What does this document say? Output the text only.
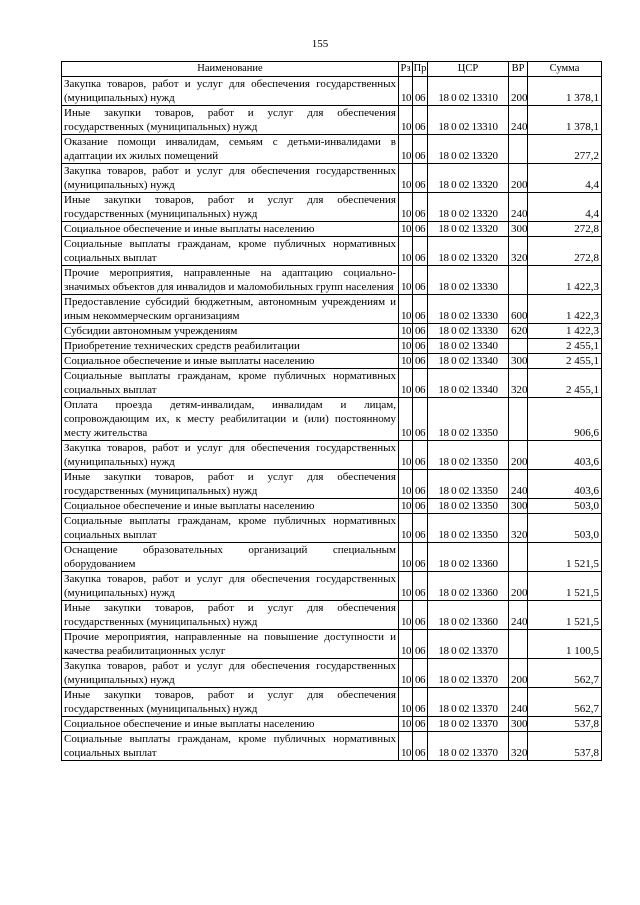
155
Наименование	Рз	Пр	ЦСР	ВР	Сумма
Закупка товаров, работ и услуг для обеспечения государственных (муниципальных) нужд	10	06	18 0 02 13310	200	1 378,1
Иные закупки товаров, работ и услуг для обеспечения государственных (муниципальных) нужд	10	06	18 0 02 13310	240	1 378,1
Оказание помощи инвалидам, семьям с детьми-инвалидами в адаптации их жилых помещений	10	06	18 0 02 13320		277,2
Закупка товаров, работ и услуг для обеспечения государственных (муниципальных) нужд	10	06	18 0 02 13320	200	4,4
Иные закупки товаров, работ и услуг для обеспечения государственных (муниципальных) нужд	10	06	18 0 02 13320	240	4,4
Социальное обеспечение и иные выплаты населению	10	06	18 0 02 13320	300	272,8
Социальные выплаты гражданам, кроме публичных нормативных социальных выплат	10	06	18 0 02 13320	320	272,8
Прочие мероприятия, направленные на адаптацию социально-значимых объектов для инвалидов и маломобильных групп населения	10	06	18 0 02 13330		1 422,3
Предоставление субсидий бюджетным, автономным учреждениям и иным некоммерческим организациям	10	06	18 0 02 13330	600	1 422,3
Субсидии автономным учреждениям	10	06	18 0 02 13330	620	1 422,3
Приобретение технических средств реабилитации	10	06	18 0 02 13340		2 455,1
Социальное обеспечение и иные выплаты населению	10	06	18 0 02 13340	300	2 455,1
Социальные выплаты гражданам, кроме публичных нормативных социальных выплат	10	06	18 0 02 13340	320	2 455,1
Оплата проезда детям-инвалидам, инвалидам и лицам, сопровождающим их, к месту реабилитации и (или) постоянному месту жительства	10	06	18 0 02 13350		906,6
Закупка товаров, работ и услуг для обеспечения государственных (муниципальных) нужд	10	06	18 0 02 13350	200	403,6
Иные закупки товаров, работ и услуг для обеспечения государственных (муниципальных) нужд	10	06	18 0 02 13350	240	403,6
Социальное обеспечение и иные выплаты населению	10	06	18 0 02 13350	300	503,0
Социальные выплаты гражданам, кроме публичных нормативных социальных выплат	10	06	18 0 02 13350	320	503,0
Оснащение образовательных организаций специальным оборудованием	10	06	18 0 02 13360		1 521,5
Закупка товаров, работ и услуг для обеспечения государственных (муниципальных) нужд	10	06	18 0 02 13360	200	1 521,5
Иные закупки товаров, работ и услуг для обеспечения государственных (муниципальных) нужд	10	06	18 0 02 13360	240	1 521,5
Прочие мероприятия, направленные на повышение доступности и качества реабилитационных услуг	10	06	18 0 02 13370		1 100,5
Закупка товаров, работ и услуг для обеспечения государственных (муниципальных) нужд	10	06	18 0 02 13370	200	562,7
Иные закупки товаров, работ и услуг для обеспечения государственных (муниципальных) нужд	10	06	18 0 02 13370	240	562,7
Социальное обеспечение и иные выплаты населению	10	06	18 0 02 13370	300	537,8
Социальные выплаты гражданам, кроме публичных нормативных социальных выплат	10	06	18 0 02 13370	320	537,8
